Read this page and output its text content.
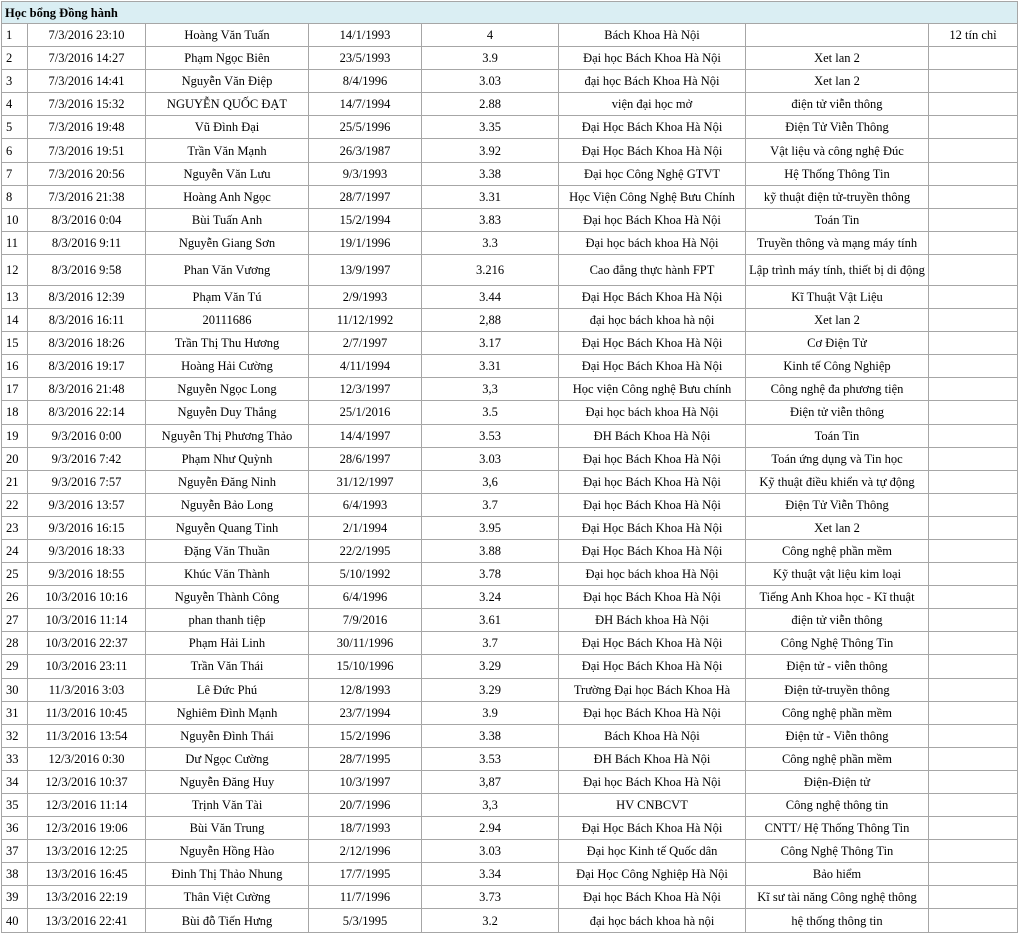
Học bổng Đồng hành							
1	7/3/2016 23:10	Hoàng Văn Tuấn	14/1/1993	4	Bách Khoa Hà Nội		12 tín chỉ
2	7/3/2016 14:27	Phạm Ngọc Biên	23/5/1993	3.9	Đại học Bách Khoa Hà Nội	Xet lan 2	
3	7/3/2016 14:41	Nguyễn Văn Điệp	8/4/1996	3.03	đại học Bách Khoa Hà Nội	Xet lan 2	
4	7/3/2016 15:32	NGUYỄN QUỐC ĐẠT	14/7/1994	2.88	viện đại học mở	điện tử viễn thông	
5	7/3/2016 19:48	Vũ Đình Đại	25/5/1996	3.35	Đại Học Bách Khoa Hà Nội	Điện Tử Viễn Thông	
6	7/3/2016 19:51	Trần Văn Mạnh	26/3/1987	3.92	Đại Học Bách Khoa Hà Nội	Vật liệu và công nghệ Đúc	
7	7/3/2016 20:56	Nguyễn Văn Lưu	9/3/1993	3.38	Đại học Công Nghệ GTVT	Hệ Thống Thông Tin	
8	7/3/2016 21:38	Hoàng Anh Ngọc	28/7/1997	3.31	Học Viện Công Nghệ Bưu Chính	kỹ thuật điện tử-truyền thông	
10	8/3/2016 0:04	Bùi Tuấn Anh	15/2/1994	3.83	Đại học Bách Khoa Hà Nội	Toán Tin	
11	8/3/2016 9:11	Nguyễn Giang Sơn	19/1/1996	3.3	Đại học bách khoa Hà Nội	Truyền thông và mạng máy tính	
12	8/3/2016 9:58	Phan Văn Vương	13/9/1997	3.216	Cao đẳng thực hành FPT	Lập trình máy tính, thiết bị di động	
13	8/3/2016 12:39	Phạm Văn Tú	2/9/1993	3.44	Đại Học Bách Khoa Hà Nội	Kĩ Thuật Vật Liệu	
14	8/3/2016 16:11	20111686	11/12/1992	2,88	đại học bách khoa hà nội	Xet lan 2	
15	8/3/2016 18:26	Trần Thị Thu Hương	2/7/1997	3.17	Đại Học Bách Khoa Hà Nội	Cơ Điện Tử	
16	8/3/2016 19:17	Hoàng Hải Cường	4/11/1994	3.31	Đại Học Bách Khoa Hà Nội	Kinh tế Công Nghiệp	
17	8/3/2016 21:48	Nguyễn Ngọc Long	12/3/1997	3,3	Học viện Công nghệ Bưu chính	Công nghệ đa phương tiện	
18	8/3/2016 22:14	Nguyễn Duy Thắng	25/1/2016	3.5	Đại học bách khoa Hà Nội	Điện tử viễn thông	
19	9/3/2016 0:00	Nguyễn Thị Phương Thảo	14/4/1997	3.53	ĐH Bách Khoa Hà Nội	Toán Tin	
20	9/3/2016 7:42	Phạm Như Quỳnh	28/6/1997	3.03	Đại học Bách Khoa Hà Nội	Toán ứng dụng và Tin học	
21	9/3/2016 7:57	Nguyễn Đăng Ninh	31/12/1997	3,6	Đại học Bách Khoa Hà Nội	Kỹ thuật điều khiển và tự động	
22	9/3/2016 13:57	Nguyễn Bảo Long	6/4/1993	3.7	Đại học Bách Khoa Hà Nội	Điện Tử Viễn Thông	
23	9/3/2016 16:15	Nguyễn Quang Tỉnh	2/1/1994	3.95	Đại Học Bách Khoa Hà Nội	Xet lan 2	
24	9/3/2016 18:33	Đặng Văn Thuần	22/2/1995	3.88	Đại Học Bách Khoa Hà Nội	Công nghệ phần mềm	
25	9/3/2016 18:55	Khúc Văn Thành	5/10/1992	3.78	Đại học bách khoa Hà Nội	Kỹ thuật vật liệu kim loại	
26	10/3/2016 10:16	Nguyễn Thành Công	6/4/1996	3.24	Đại học Bách Khoa Hà Nội	Tiếng Anh Khoa học - Kĩ thuật	
27	10/3/2016 11:14	phan thanh tiệp	7/9/2016	3.61	ĐH Bách khoa Hà Nội	điện tử viễn thông	
28	10/3/2016 22:37	Phạm Hải Linh	30/11/1996	3.7	Đại Học Bách Khoa Hà Nội	Công Nghệ Thông Tin	
29	10/3/2016 23:11	Trần Văn Thái	15/10/1996	3.29	Đại Học Bách Khoa Hà Nội	Điện tử - viễn thông	
30	11/3/2016 3:03	Lê Đức Phú	12/8/1993	3.29	Trường Đại học Bách Khoa Hà	Điện tử-truyền thông	
31	11/3/2016 10:45	Nghiêm Đình Mạnh	23/7/1994	3.9	Đại học Bách Khoa Hà Nội	Công nghệ phần mềm	
32	11/3/2016 13:54	Nguyễn Đình Thái	15/2/1996	3.38	Bách Khoa Hà Nội	Điện tử - Viễn thông	
33	12/3/2016 0:30	Dư Ngọc Cường	28/7/1995	3.53	ĐH Bách Khoa Hà Nội	Công nghệ phần mềm	
34	12/3/2016 10:37	Nguyễn Đăng Huy	10/3/1997	3,87	Đại học Bách Khoa Hà Nội	Điện-Điện tử	
35	12/3/2016 11:14	Trịnh Văn Tài	20/7/1996	3,3	HV CNBCVT	Công nghệ thông tin	
36	12/3/2016 19:06	Bùi Văn Trung	18/7/1993	2.94	Đại Học Bách Khoa Hà Nội	CNTT/ Hệ Thống Thông Tin	
37	13/3/2016 12:25	Nguyễn Hồng Hào	2/12/1996	3.03	Đại học Kinh tế Quốc dân	Công Nghệ Thông Tin	
38	13/3/2016 16:45	Đinh Thị Thảo Nhung	17/7/1995	3.34	Đại Học Công Nghiệp Hà Nội	Bảo hiểm	
39	13/3/2016 22:19	Thân Việt Cường	11/7/1996	3.73	Đại học Bách Khoa Hà Nội	Kĩ sư tài năng Công nghệ thông	
40	13/3/2016 22:41	Bùi đỗ Tiến Hưng	5/3/1995	3.2	đại học bách khoa hà nội	hệ thống thông tin	
